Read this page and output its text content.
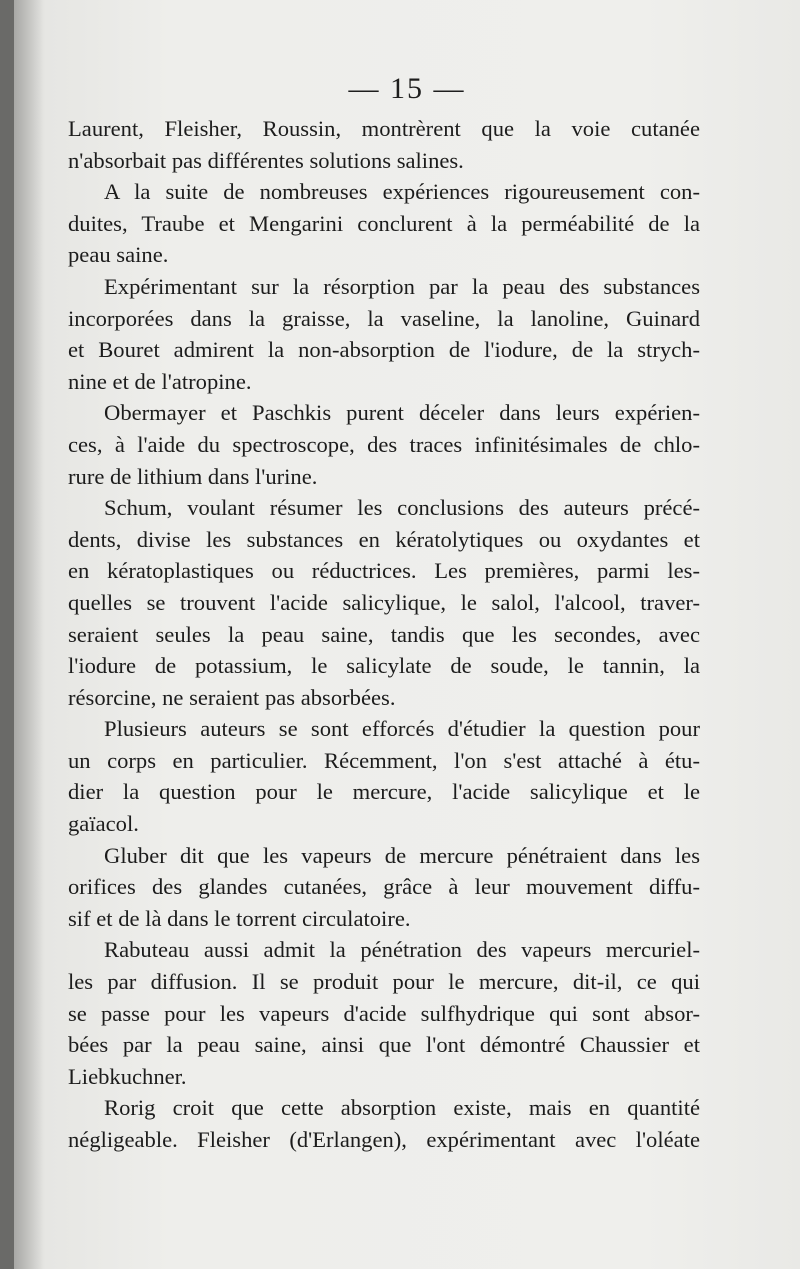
— 15 —
Laurent, Fleisher, Roussin, montrèrent que la voie cutanée
n'absorbait pas différentes solutions salines.
A la suite de nombreuses expériences rigoureusement con-
duites, Traube et Mengarini conclurent à la perméabilité de la
peau saine.
Expérimentant sur la résorption par la peau des substances
incorporées dans la graisse, la vaseline, la lanoline, Guinard
et Bouret admirent la non-absorption de l'iodure, de la strych-
nine et de l'atropine.
Obermayer et Paschkis purent déceler dans leurs expérien-
ces, à l'aide du spectroscope, des traces infinitésimales de chlo-
rure de lithium dans l'urine.
Schum, voulant résumer les conclusions des auteurs précé-
dents, divise les substances en kératolytiques ou oxydantes et
en kératoplastiques ou réductrices. Les premières, parmi les-
quelles se trouvent l'acide salicylique, le salol, l'alcool, traver-
seraient seules la peau saine, tandis que les secondes, avec
l'iodure de potassium, le salicylate de soude, le tannin, la
résorcine, ne seraient pas absorbées.
Plusieurs auteurs se sont efforcés d'étudier la question pour
un corps en particulier. Récemment, l'on s'est attaché à étu-
dier la question pour le mercure, l'acide salicylique et le
gaïacol.
Gluber dit que les vapeurs de mercure pénétraient dans les
orifices des glandes cutanées, grâce à leur mouvement diffu-
sif et de là dans le torrent circulatoire.
Rabuteau aussi admit la pénétration des vapeurs mercuriel-
les par diffusion. Il se produit pour le mercure, dit-il, ce qui
se passe pour les vapeurs d'acide sulfhydrique qui sont absor-
bées par la peau saine, ainsi que l'ont démontré Chaussier et
Liebkuchner.
Rorig croit que cette absorption existe, mais en quantité
négligeable. Fleisher (d'Erlangen), expérimentant avec l'oléate
